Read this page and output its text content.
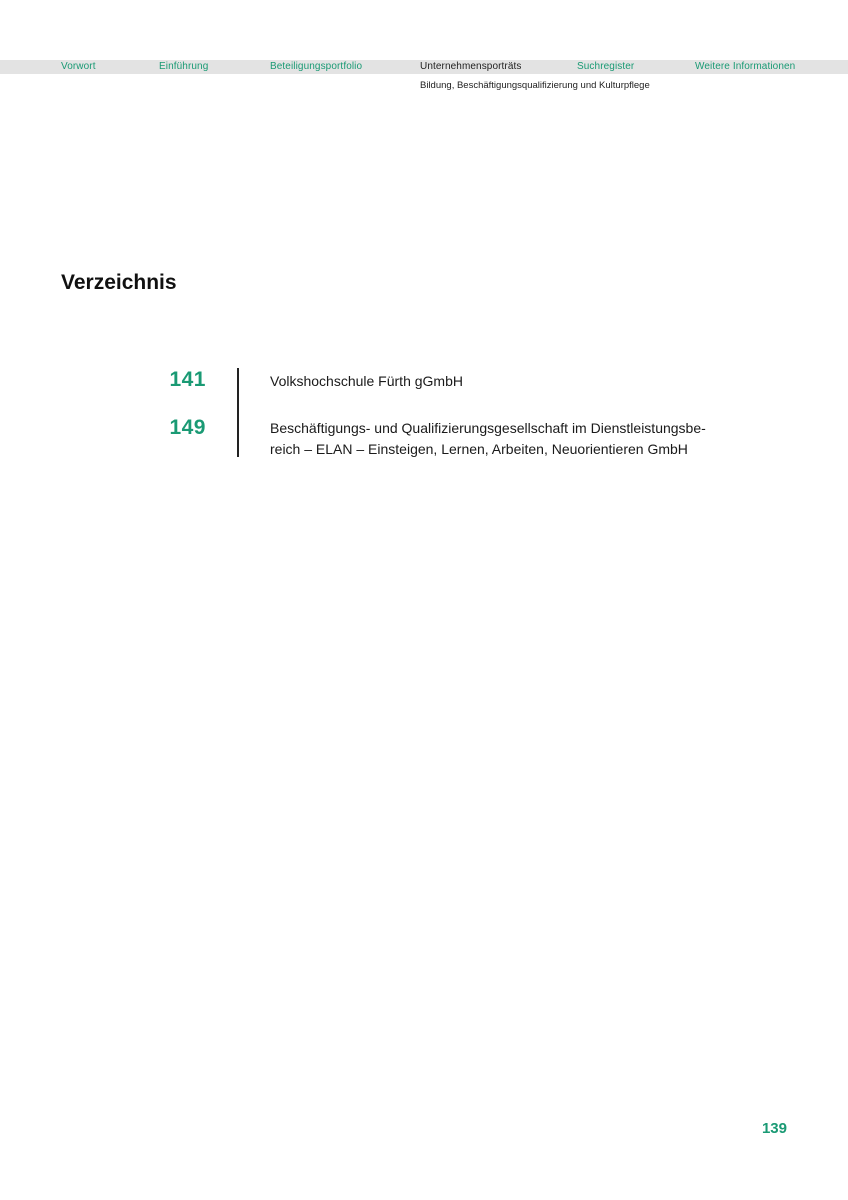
Vorwort	Einführung	Beteiligungsportfolio	Unternehmensporträts	Suchregister	Weitere Informationen
Bildung, Beschäftigungsqualifizierung und Kulturpflege
Verzeichnis
141	Volkshochschule Fürth gGmbH
149	Beschäftigungs- und Qualifizierungsgesellschaft im Dienstleistungsbe-
reich – ELAN – Einsteigen, Lernen, Arbeiten, Neuorientieren GmbH
139
